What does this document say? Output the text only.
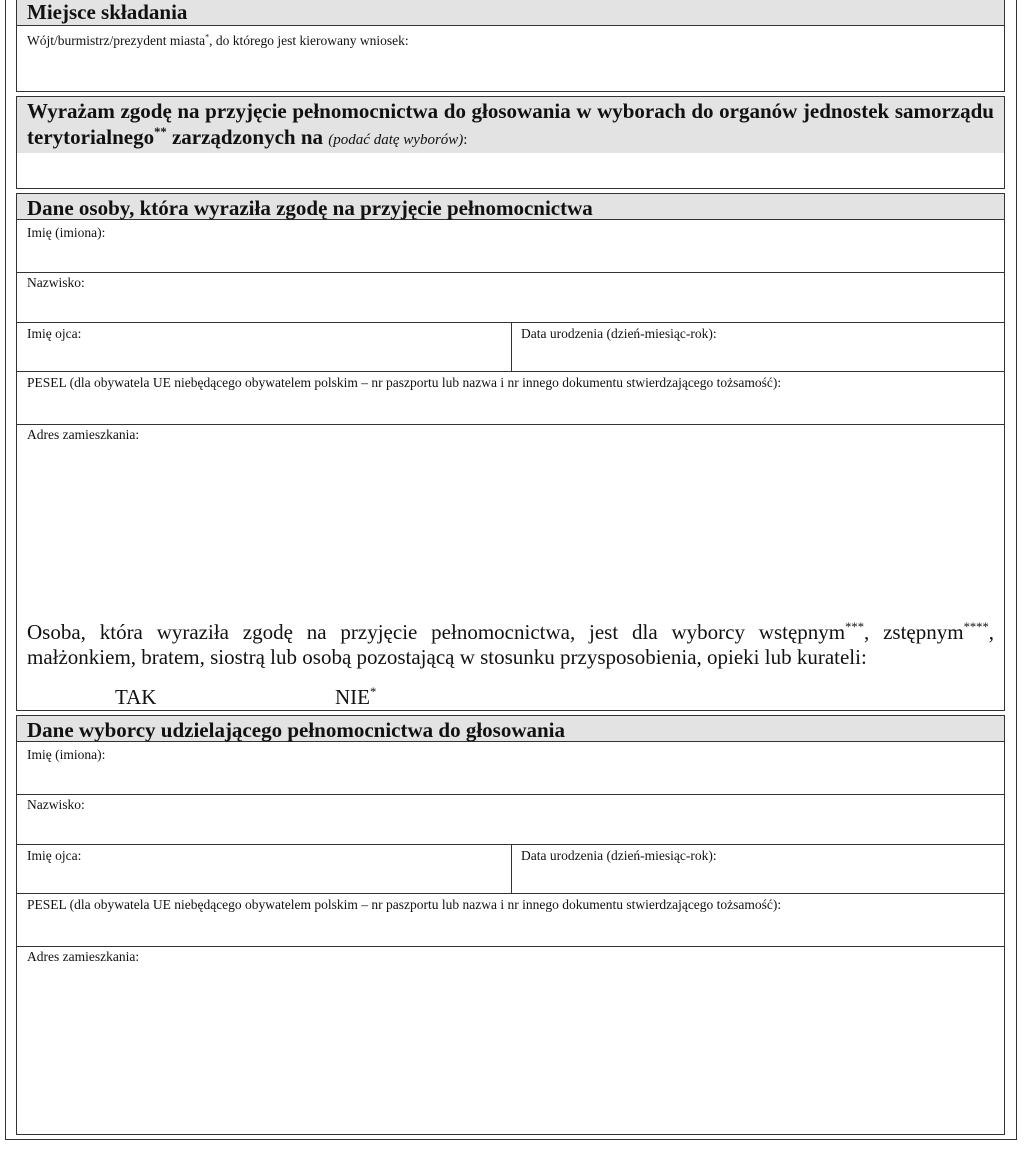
Miejsce składania
Wójt/burmistrz/prezydent miasta*, do którego jest kierowany wniosek:
Wyrażam zgodę na przyjęcie pełnomocnictwa do głosowania w wyborach do organów jednostek samorządu terytorialnego** zarządzonych na (podać datę wyborów):
Dane osoby, która wyraziła zgodę na przyjęcie pełnomocnictwa
Imię (imiona):
Nazwisko:
Imię ojca:	Data urodzenia (dzień-miesiąc-rok):
PESEL (dla obywatela UE niebędącego obywatelem polskim – nr paszportu lub nazwa i nr innego dokumentu stwierdzającego tożsamość):
Adres zamieszkania:
Osoba, która wyraziła zgodę na przyjęcie pełnomocnictwa, jest dla wyborcy wstępnym***, zstępnym****, małżonkiem, bratem, siostrą lub osobą pozostającą w stosunku przysposobienia, opieki lub kurateli:
TAK	NIE*
Dane wyborcy udzielającego pełnomocnictwa do głosowania
Imię (imiona):
Nazwisko:
Imię ojca:	Data urodzenia (dzień-miesiąc-rok):
PESEL (dla obywatela UE niebędącego obywatelem polskim – nr paszportu lub nazwa i nr innego dokumentu stwierdzającego tożsamość):
Adres zamieszkania:
